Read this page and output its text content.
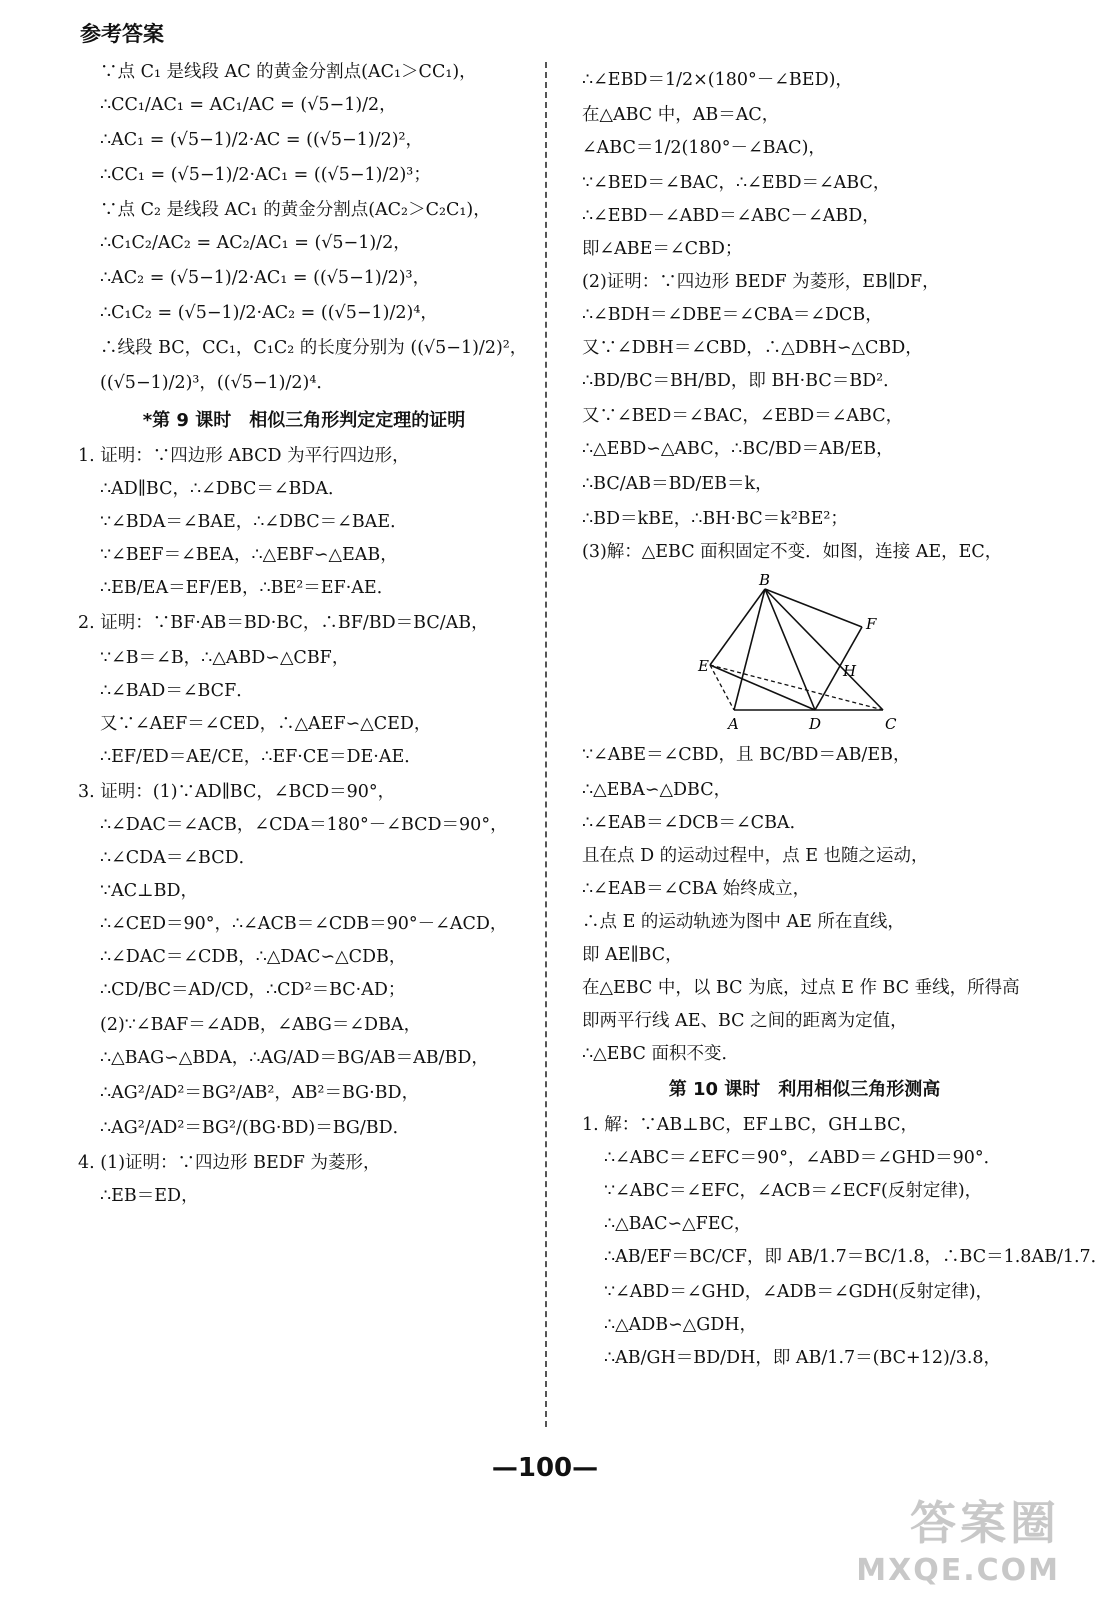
参考答案
∵点 C₁ 是线段 AC 的黄金分割点(AC₁＞CC₁)，
∴CC₁/AC₁ = AC₁/AC = (√5−1)/2，
∴AC₁ = (√5−1)/2·AC = ((√5−1)/2)²，
∴CC₁ = (√5−1)/2·AC₁ = ((√5−1)/2)³；
∵点 C₂ 是线段 AC₁ 的黄金分割点(AC₂＞C₂C₁)，
∴C₁C₂/AC₂ = AC₂/AC₁ = (√5−1)/2，
∴AC₂ = (√5−1)/2·AC₁ = ((√5−1)/2)³，
∴C₁C₂ = (√5−1)/2·AC₂ = ((√5−1)/2)⁴，
∴线段 BC，CC₁，C₁C₂ 的长度分别为 ((√5−1)/2)²，
((√5−1)/2)³，((√5−1)/2)⁴．
*第 9 课时　相似三角形判定定理的证明
1. 证明：∵四边形 ABCD 为平行四边形，
∴AD∥BC，∴∠DBC＝∠BDA．
∵∠BDA＝∠BAE，∴∠DBC＝∠BAE．
∵∠BEF＝∠BEA，∴△EBF∽△EAB，
∴EB/EA＝EF/EB，∴BE²＝EF·AE．
2. 证明：∵BF·AB＝BD·BC，∴BF/BD＝BC/AB，
∵∠B＝∠B，∴△ABD∽△CBF，
∴∠BAD＝∠BCF．
又∵∠AEF＝∠CED，∴△AEF∽△CED，
∴EF/ED＝AE/CE，∴EF·CE＝DE·AE．
3. 证明：(1)∵AD∥BC，∠BCD＝90°，
∴∠DAC＝∠ACB，∠CDA＝180°－∠BCD＝90°，
∴∠CDA＝∠BCD．
∵AC⊥BD，
∴∠CED＝90°，∴∠ACB＝∠CDB＝90°－∠ACD，
∴∠DAC＝∠CDB，∴△DAC∽△CDB，
∴CD/BC＝AD/CD，∴CD²＝BC·AD；
(2)∵∠BAF＝∠ADB，∠ABG＝∠DBA，
∴△BAG∽△BDA，∴AG/AD＝BG/AB＝AB/BD，
∴AG²/AD²＝BG²/AB²，AB²＝BG·BD，
∴AG²/AD²＝BG²/(BG·BD)＝BG/BD．
4. (1)证明：∵四边形 BEDF 为菱形，
∴EB＝ED，
∴∠EBD＝1/2×(180°－∠BED)，
在△ABC 中，AB＝AC，
∠ABC＝1/2(180°－∠BAC)，
∵∠BED＝∠BAC，∴∠EBD＝∠ABC，
∴∠EBD－∠ABD＝∠ABC－∠ABD，
即∠ABE＝∠CBD；
(2)证明：∵四边形 BEDF 为菱形，EB∥DF，
∴∠BDH＝∠DBE＝∠CBA＝∠DCB，
又∵∠DBH＝∠CBD，∴△DBH∽△CBD，
∴BD/BC＝BH/BD，即 BH·BC＝BD²．
又∵∠BED＝∠BAC，∠EBD＝∠ABC，
∴△EBD∽△ABC，∴BC/BD＝AB/EB，
∴BC/AB＝BD/EB＝k，
∴BD＝kBE，∴BH·BC＝k²BE²；
(3)解：△EBC 面积固定不变．如图，连接 AE，EC，
B
F
E	H
A	D	C
∵∠ABE＝∠CBD，且 BC/BD＝AB/EB，
∴△EBA∽△DBC，
∴∠EAB＝∠DCB＝∠CBA．
且在点 D 的运动过程中，点 E 也随之运动，
∴∠EAB＝∠CBA 始终成立，
∴点 E 的运动轨迹为图中 AE 所在直线，
即 AE∥BC，
在△EBC 中，以 BC 为底，过点 E 作 BC 垂线，所得高
即两平行线 AE、BC 之间的距离为定值，
∴△EBC 面积不变．
第 10 课时　利用相似三角形测高
1. 解：∵AB⊥BC，EF⊥BC，GH⊥BC，
∴∠ABC＝∠EFC＝90°，∠ABD＝∠GHD＝90°．
∵∠ABC＝∠EFC，∠ACB＝∠ECF(反射定律)，
∴△BAC∽△FEC，
∴AB/EF＝BC/CF，即 AB/1.7＝BC/1.8，∴BC＝1.8AB/1.7．
∵∠ABD＝∠GHD，∠ADB＝∠GDH(反射定律)，
∴△ADB∽△GDH，
∴AB/GH＝BD/DH，即 AB/1.7＝(BC+12)/3.8，
—100—
答案圈
MXQE.COM
